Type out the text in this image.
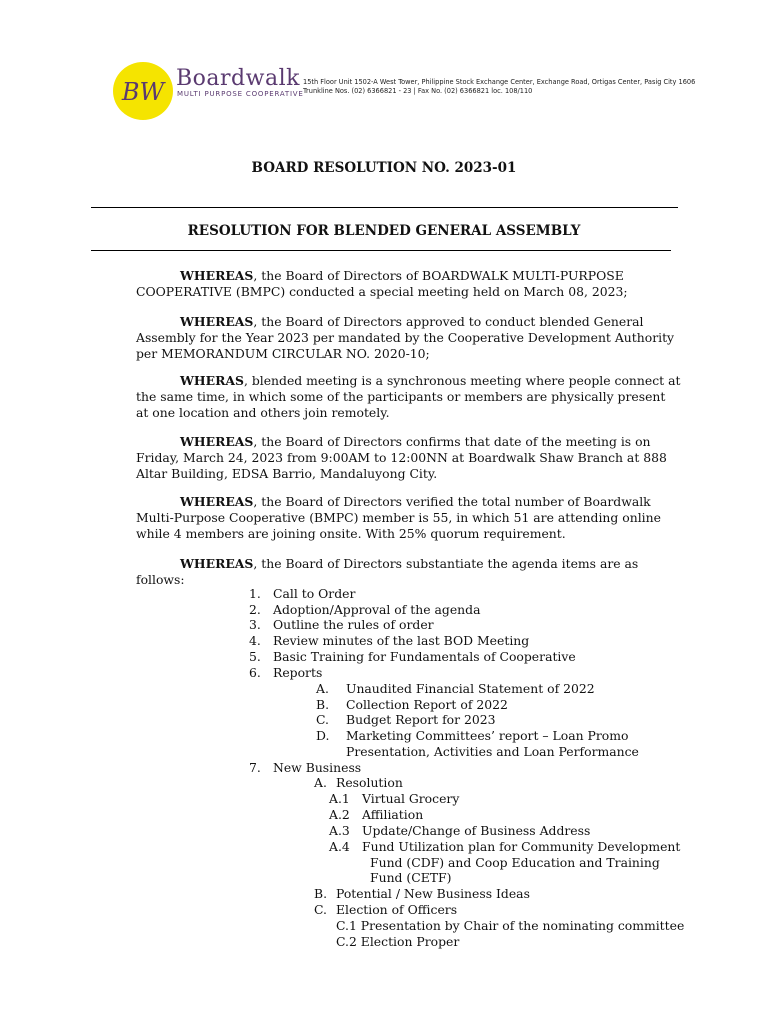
BW Boardwalk
MULTI PURPOSE COOPERATIVE
15th Floor Unit 1502-A West Tower, Philippine Stock Exchange Center, Exchange Road, Ortigas Center, Pasig City 1606
Trunkline Nos. (02) 6366821 - 23 | Fax No. (02) 6366821 loc. 108/110
BOARD RESOLUTION NO. 2023-01
RESOLUTION FOR BLENDED GENERAL ASSEMBLY
WHEREAS, the Board of Directors of BOARDWALK MULTI-PURPOSE COOPERATIVE (BMPC) conducted a special meeting held on March 08, 2023;
WHEREAS, the Board of Directors approved to conduct blended General Assembly for the Year 2023 per mandated by the Cooperative Development Authority per MEMORANDUM CIRCULAR NO. 2020-10;
WHERAS, blended meeting is a synchronous meeting where people connect at the same time, in which some of the participants or members are physically present at one location and others join remotely.
WHEREAS, the Board of Directors confirms that date of the meeting is on Friday, March 24, 2023 from 9:00AM to 12:00NN at Boardwalk Shaw Branch at 888 Altar Building, EDSA Barrio, Mandaluyong City.
WHEREAS, the Board of Directors verified the total number of Boardwalk Multi-Purpose Cooperative (BMPC) member is 55, in which 51 are attending online while 4 members are joining onsite. With 25% quorum requirement.
WHEREAS, the Board of Directors substantiate the agenda items are as follows:
1. Call to Order
2. Adoption/Approval of the agenda
3. Outline the rules of order
4. Review minutes of the last BOD Meeting
5. Basic Training for Fundamentals of Cooperative
6. Reports
A. Unaudited Financial Statement of 2022
B. Collection Report of 2022
C. Budget Report for 2023
D. Marketing Committees’ report – Loan Promo
Presentation, Activities and Loan Performance
7. New Business
A. Resolution
A.1 Virtual Grocery
A.2 Affiliation
A.3 Update/Change of Business Address
A.4 Fund Utilization plan for Community Development
Fund (CDF) and Coop Education and Training
Fund (CETF)
B. Potential / New Business Ideas
C. Election of Officers
C.1 Presentation by Chair of the nominating committee
C.2 Election Proper
